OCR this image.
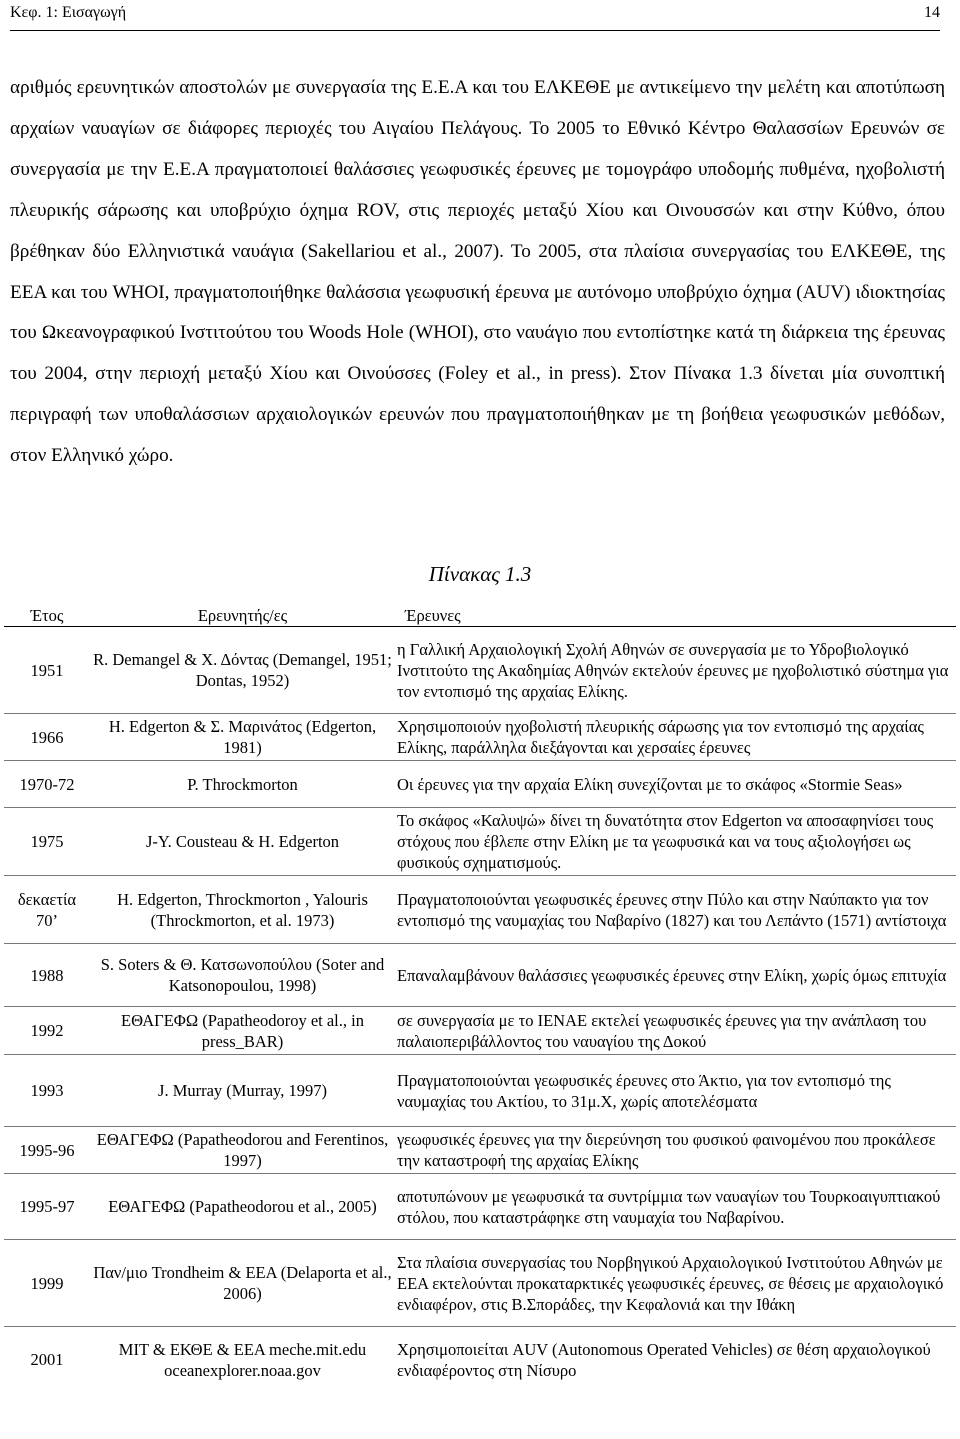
Κεφ. 1: Εισαγωγή	14

αριθμός ερευνητικών αποστολών με συνεργασία της Ε.Ε.Α και του ΕΛΚΕΘΕ με αντικείμενο την μελέτη και αποτύπωση αρχαίων ναυαγίων σε διάφορες περιοχές του Αιγαίου Πελάγους. Το 2005 το Εθνικό Κέντρο Θαλασσίων Ερευνών σε συνεργασία με την Ε.Ε.Α πραγματοποιεί θαλάσσιες γεωφυσικές έρευνες με τομογράφο υποδομής πυθμένα, ηχοβολιστή πλευρικής σάρωσης και υποβρύχιο όχημα ROV, στις περιοχές μεταξύ Χίου και Οινουσσών και στην Κύθνο, όπου βρέθηκαν δύο Ελληνιστικά ναυάγια (Sakellariou et al., 2007). Το 2005, στα πλαίσια συνεργασίας του ΕΛΚΕΘΕ, της ΕΕΑ και του WHOI, πραγματοποιήθηκε θαλάσσια γεωφυσική έρευνα με αυτόνομο υποβρύχιο όχημα (AUV) ιδιοκτησίας του Ωκεανογραφικού Ινστιτούτου του Woods Hole (WHOI), στο ναυάγιο που εντοπίστηκε κατά τη διάρκεια της έρευνας του 2004, στην περιοχή μεταξύ Χίου και Οινούσσες (Foley et al., in press). Στον Πίνακα 1.3 δίνεται μία συνοπτική περιγραφή των υποθαλάσσιων αρχαιολογικών ερευνών που πραγματοποιήθηκαν με τη βοήθεια γεωφυσικών μεθόδων, στον Ελληνικό χώρο.

Πίνακας 1.3
Έτος	Ερευνητής/ες	Έρευνες
1951	R. Demangel & Χ. Δόντας (Demangel, 1951; Dontas, 1952)	η Γαλλική Αρχαιολογική Σχολή Αθηνών σε συνεργασία με το Υδροβιολογικό Ινστιτούτο της Ακαδημίας Αθηνών εκτελούν έρευνες με ηχοβολιστικό σύστημα για τον εντοπισμό της αρχαίας Ελίκης.
1966	H. Edgerton & Σ. Μαρινάτος (Edgerton, 1981)	Χρησιμοποιούν ηχοβολιστή πλευρικής σάρωσης για τον εντοπισμό της αρχαίας Ελίκης, παράλληλα διεξάγονται και χερσαίες έρευνες
1970-72	P. Throckmorton	Οι έρευνες για την αρχαία Ελίκη συνεχίζονται με το σκάφος «Stormie Seas»
1975	J-Y. Cousteau & H. Edgerton	Το σκάφος «Καλυψώ» δίνει τη δυνατότητα στον Edgerton να αποσαφηνίσει τους στόχους που έβλεπε στην Ελίκη με τα γεωφυσικά και να τους αξιολογήσει ως φυσικούς σχηματισμούς.
δεκαετία 70’	H. Edgerton, Throckmorton , Yalouris (Throckmorton, et al. 1973)	Πραγματοποιούνται γεωφυσικές έρευνες στην Πύλο και στην Ναύπακτο για τον εντοπισμό της ναυμαχίας του Ναβαρίνο (1827) και του Λεπάντο (1571) αντίστοιχα
1988	S. Soters & Θ. Κατσωνοπούλου (Soter and Katsonopoulou, 1998)	Επαναλαμβάνουν θαλάσσιες γεωφυσικές έρευνες στην Ελίκη, χωρίς όμως επιτυχία
1992	ΕΘΑΓΕΦΩ (Papatheodoroy et al., in press_BAR)	σε συνεργασία με το ΙΕΝΑΕ εκτελεί γεωφυσικές έρευνες για την ανάπλαση του παλαιοπεριβάλλοντος του ναυαγίου της Δοκού
1993	J. Murray (Murray, 1997)	Πραγματοποιούνται γεωφυσικές έρευνες στο Άκτιο, για τον εντοπισμό της ναυμαχίας του Ακτίου, το 31μ.Χ, χωρίς αποτελέσματα
1995-96	ΕΘΑΓΕΦΩ (Papatheodorou and Ferentinos, 1997)	γεωφυσικές έρευνες για την διερεύνηση του φυσικού φαινομένου που προκάλεσε την καταστροφή της αρχαίας Ελίκης
1995-97	ΕΘΑΓΕΦΩ (Papatheodorou et al., 2005)	αποτυπώνουν με γεωφυσικά τα συντρίμμια των ναυαγίων του Τουρκοαιγυπτιακού στόλου, που καταστράφηκε στη ναυμαχία του Ναβαρίνου.
1999	Παν/μιο Trondheim & ΕΕΑ (Delaporta et al., 2006)	Στα πλαίσια συνεργασίας του Νορβηγικού Αρχαιολογικού Ινστιτούτου Αθηνών με ΕΕΑ εκτελούνται προκαταρκτικές γεωφυσικές έρευνες, σε θέσεις με αρχαιολογικό ενδιαφέρον, στις Β.Σποράδες, την Κεφαλονιά και την Ιθάκη
2001	MIT & ΕΚΘΕ & ΕΕΑ meche.mit.edu oceanexplorer.noaa.gov	Χρησιμοποιείται AUV (Autonomous Operated Vehicles) σε θέση αρχαιολογικού ενδιαφέροντος στη Νίσυρο
